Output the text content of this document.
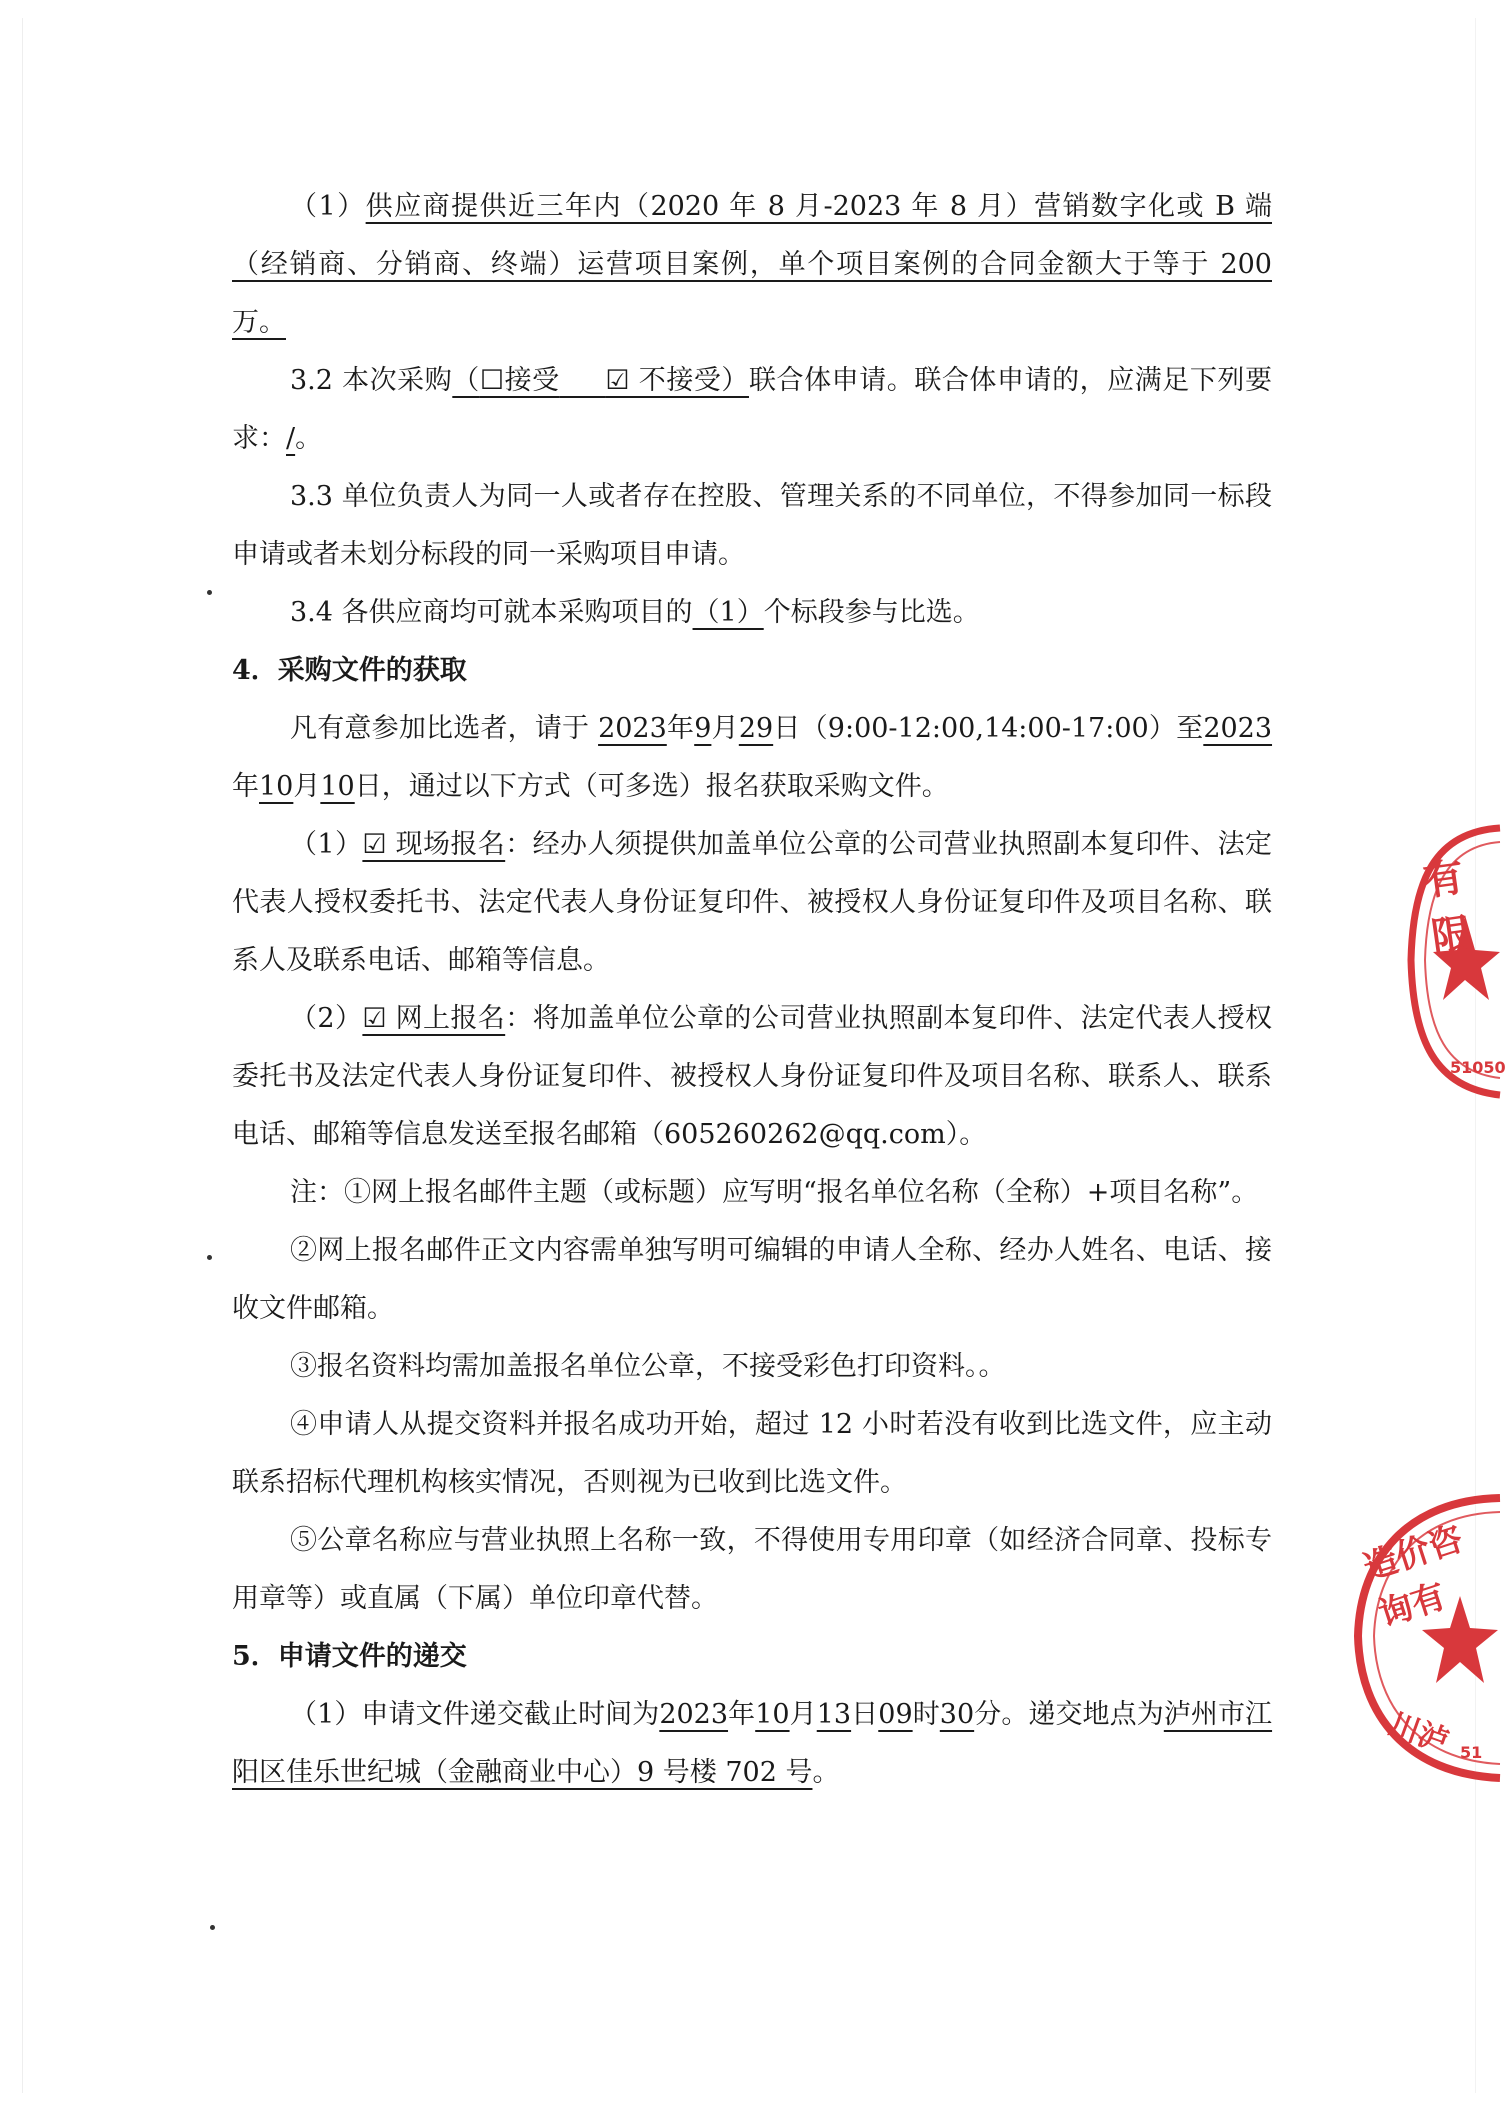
（1）供应商提供近三年内（2020 年 8 月-2023 年 8 月）营销数字化或 B 端（经销商、分销商、终端）运营项目案例，单个项目案例的合同金额大于等于 200 万。

3.2 本次采购（☐接受 ☑ 不接受）联合体申请。联合体申请的，应满足下列要求：/。

3.3 单位负责人为同一人或者存在控股、管理关系的不同单位，不得参加同一标段申请或者未划分标段的同一采购项目申请。

3.4 各供应商均可就本采购项目的（1）个标段参与比选。

4．采购文件的获取

凡有意参加比选者，请于 2023年9月29日（9:00-12:00,14:00-17:00）至2023年10月10日，通过以下方式（可多选）报名获取采购文件。

（1）☑ 现场报名：经办人须提供加盖单位公章的公司营业执照副本复印件、法定代表人授权委托书、法定代表人身份证复印件、被授权人身份证复印件及项目名称、联系人及联系电话、邮箱等信息。

（2）☑ 网上报名：将加盖单位公章的公司营业执照副本复印件、法定代表人授权委托书及法定代表人身份证复印件、被授权人身份证复印件及项目名称、联系人、联系电话、邮箱等信息发送至报名邮箱（605260262@qq.com）。

注：①网上报名邮件主题（或标题）应写明“报名单位名称（全称）+项目名称”。

②网上报名邮件正文内容需单独写明可编辑的申请人全称、经办人姓名、电话、接收文件邮箱。

③报名资料均需加盖报名单位公章，不接受彩色打印资料。。

④申请人从提交资料并报名成功开始，超过 12 小时若没有收到比选文件，应主动联系招标代理机构核实情况，否则视为已收到比选文件。

⑤公章名称应与营业执照上名称一致，不得使用专用印章（如经济合同章、投标专用章等）或直属（下属）单位印章代替。

5．申请文件的递交

（1）申请文件递交截止时间为2023年10月13日09时30分。递交地点为泸州市江阳区佳乐世纪城（金融商业中心）9 号楼 702 号。

有限
51050
造价咨询有
川泸 51
